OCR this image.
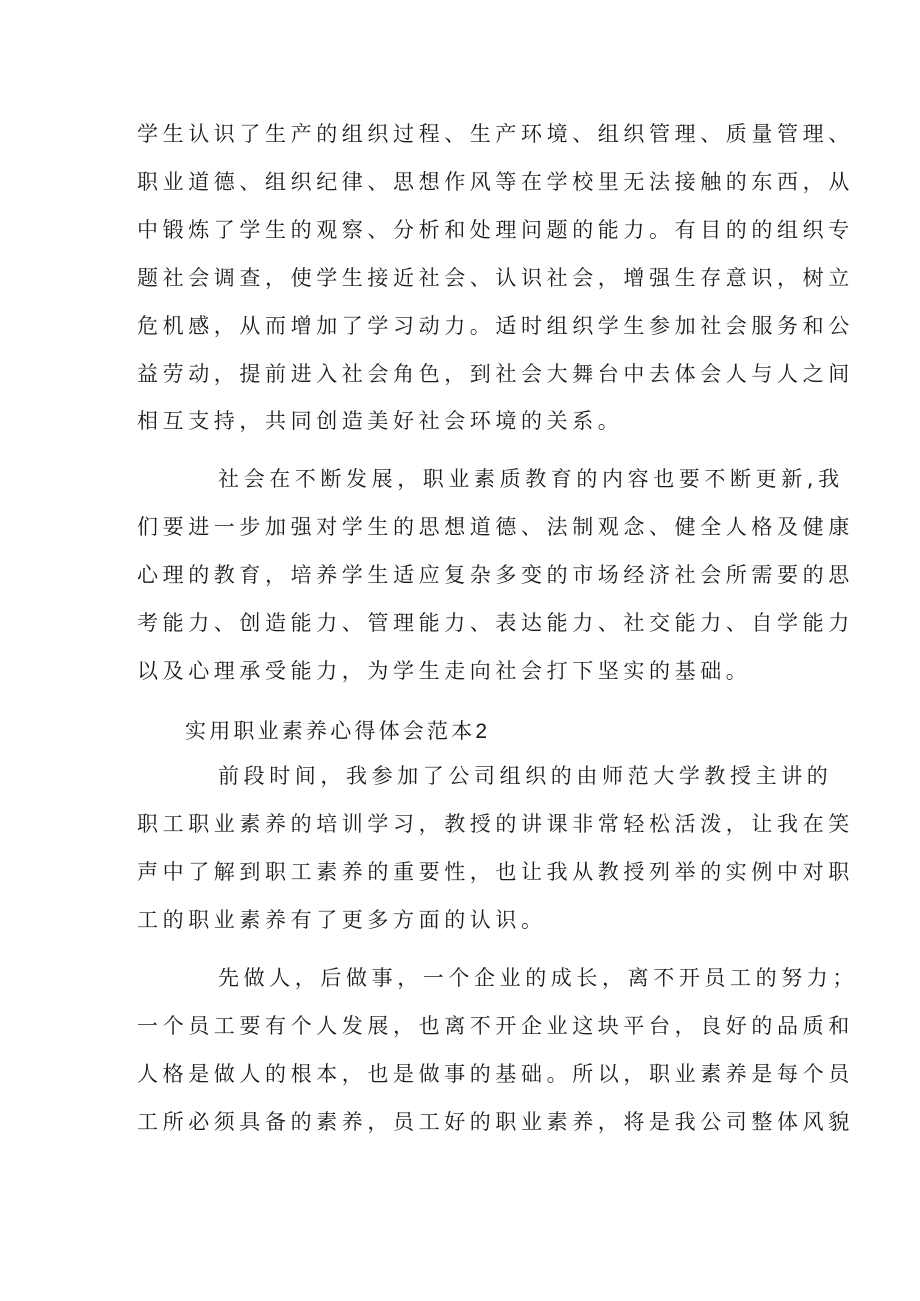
学生认识了生产的组织过程、生产环境、组织管理、质量管理、
职业道德、组织纪律、思想作风等在学校里无法接触的东西，从
中锻炼了学生的观察、分析和处理问题的能力。有目的的组织专
题社会调查，使学生接近社会、认识社会，增强生存意识，树立
危机感，从而增加了学习动力。适时组织学生参加社会服务和公
益劳动，提前进入社会角色，到社会大舞台中去体会人与人之间
相互支持，共同创造美好社会环境的关系。
社会在不断发展，职业素质教育的内容也要不断更新,我
们要进一步加强对学生的思想道德、法制观念、健全人格及健康
心理的教育，培养学生适应复杂多变的市场经济社会所需要的思
考能力、创造能力、管理能力、表达能力、社交能力、自学能力
以及心理承受能力，为学生走向社会打下坚实的基础。
实用职业素养心得体会范本2
前段时间，我参加了公司组织的由师范大学教授主讲的
职工职业素养的培训学习，教授的讲课非常轻松活泼，让我在笑
声中了解到职工素养的重要性，也让我从教授列举的实例中对职
工的职业素养有了更多方面的认识。
先做人，后做事，一个企业的成长，离不开员工的努力；
一个员工要有个人发展，也离不开企业这块平台，良好的品质和
人格是做人的根本，也是做事的基础。所以，职业素养是每个员
工所必须具备的素养，员工好的职业素养，将是我公司整体风貌
